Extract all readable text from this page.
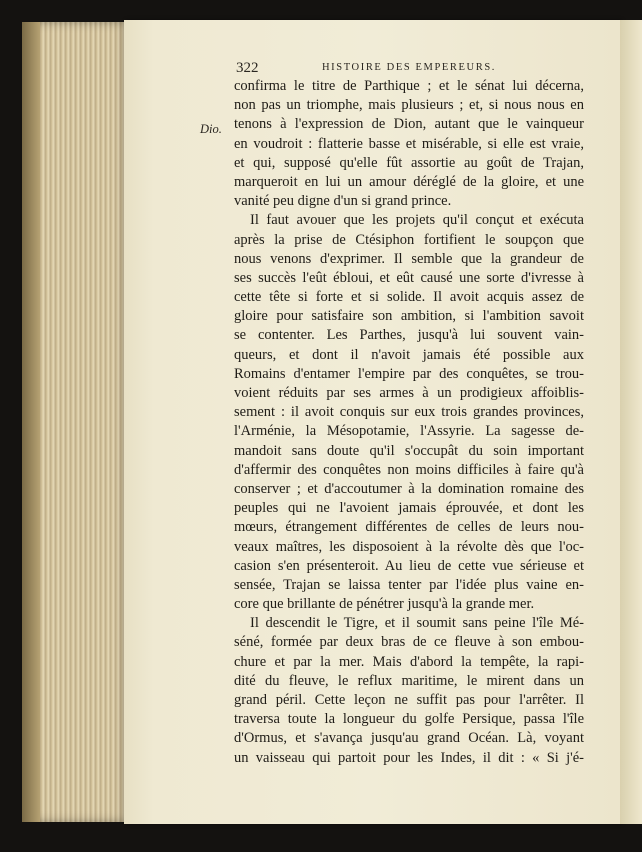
322	HISTOIRE DES EMPEREURS.
Dio.
confirma le titre de Parthique ; et le sénat lui décerna,
non pas un triomphe, mais plusieurs ; et, si nous nous en
tenons à l'expression de Dion, autant que le vainqueur
en voudroit : flatterie basse et misérable, si elle est vraie,
et qui, supposé qu'elle fût assortie au goût de Trajan,
marqueroit en lui un amour déréglé de la gloire, et une
vanité peu digne d'un si grand prince.
Il faut avouer que les projets qu'il conçut et exécuta
après la prise de Ctésiphon fortifient le soupçon que
nous venons d'exprimer. Il semble que la grandeur de
ses succès l'eût ébloui, et eût causé une sorte d'ivresse à
cette tête si forte et si solide. Il avoit acquis assez de
gloire pour satisfaire son ambition, si l'ambition savoit
se contenter. Les Parthes, jusqu'à lui souvent vain-
queurs, et dont il n'avoit jamais été possible aux
Romains d'entamer l'empire par des conquêtes, se trou-
voient réduits par ses armes à un prodigieux affoiblis-
sement : il avoit conquis sur eux trois grandes provinces,
l'Arménie, la Mésopotamie, l'Assyrie. La sagesse de-
mandoit sans doute qu'il s'occupât du soin important
d'affermir des conquêtes non moins difficiles à faire qu'à
conserver ; et d'accoutumer à la domination romaine des
peuples qui ne l'avoient jamais éprouvée, et dont les
mœurs, étrangement différentes de celles de leurs nou-
veaux maîtres, les disposoient à la révolte dès que l'oc-
casion s'en présenteroit. Au lieu de cette vue sérieuse et
sensée, Trajan se laissa tenter par l'idée plus vaine en-
core que brillante de pénétrer jusqu'à la grande mer.
Il descendit le Tigre, et il soumit sans peine l'île Mé-
séné, formée par deux bras de ce fleuve à son embou-
chure et par la mer. Mais d'abord la tempête, la rapi-
dité du fleuve, le reflux maritime, le mirent dans un
grand péril. Cette leçon ne suffit pas pour l'arrêter. Il
traversa toute la longueur du golfe Persique, passa l'île
d'Ormus, et s'avança jusqu'au grand Océan. Là, voyant
un vaisseau qui partoit pour les Indes, il dit : « Si j'é-
